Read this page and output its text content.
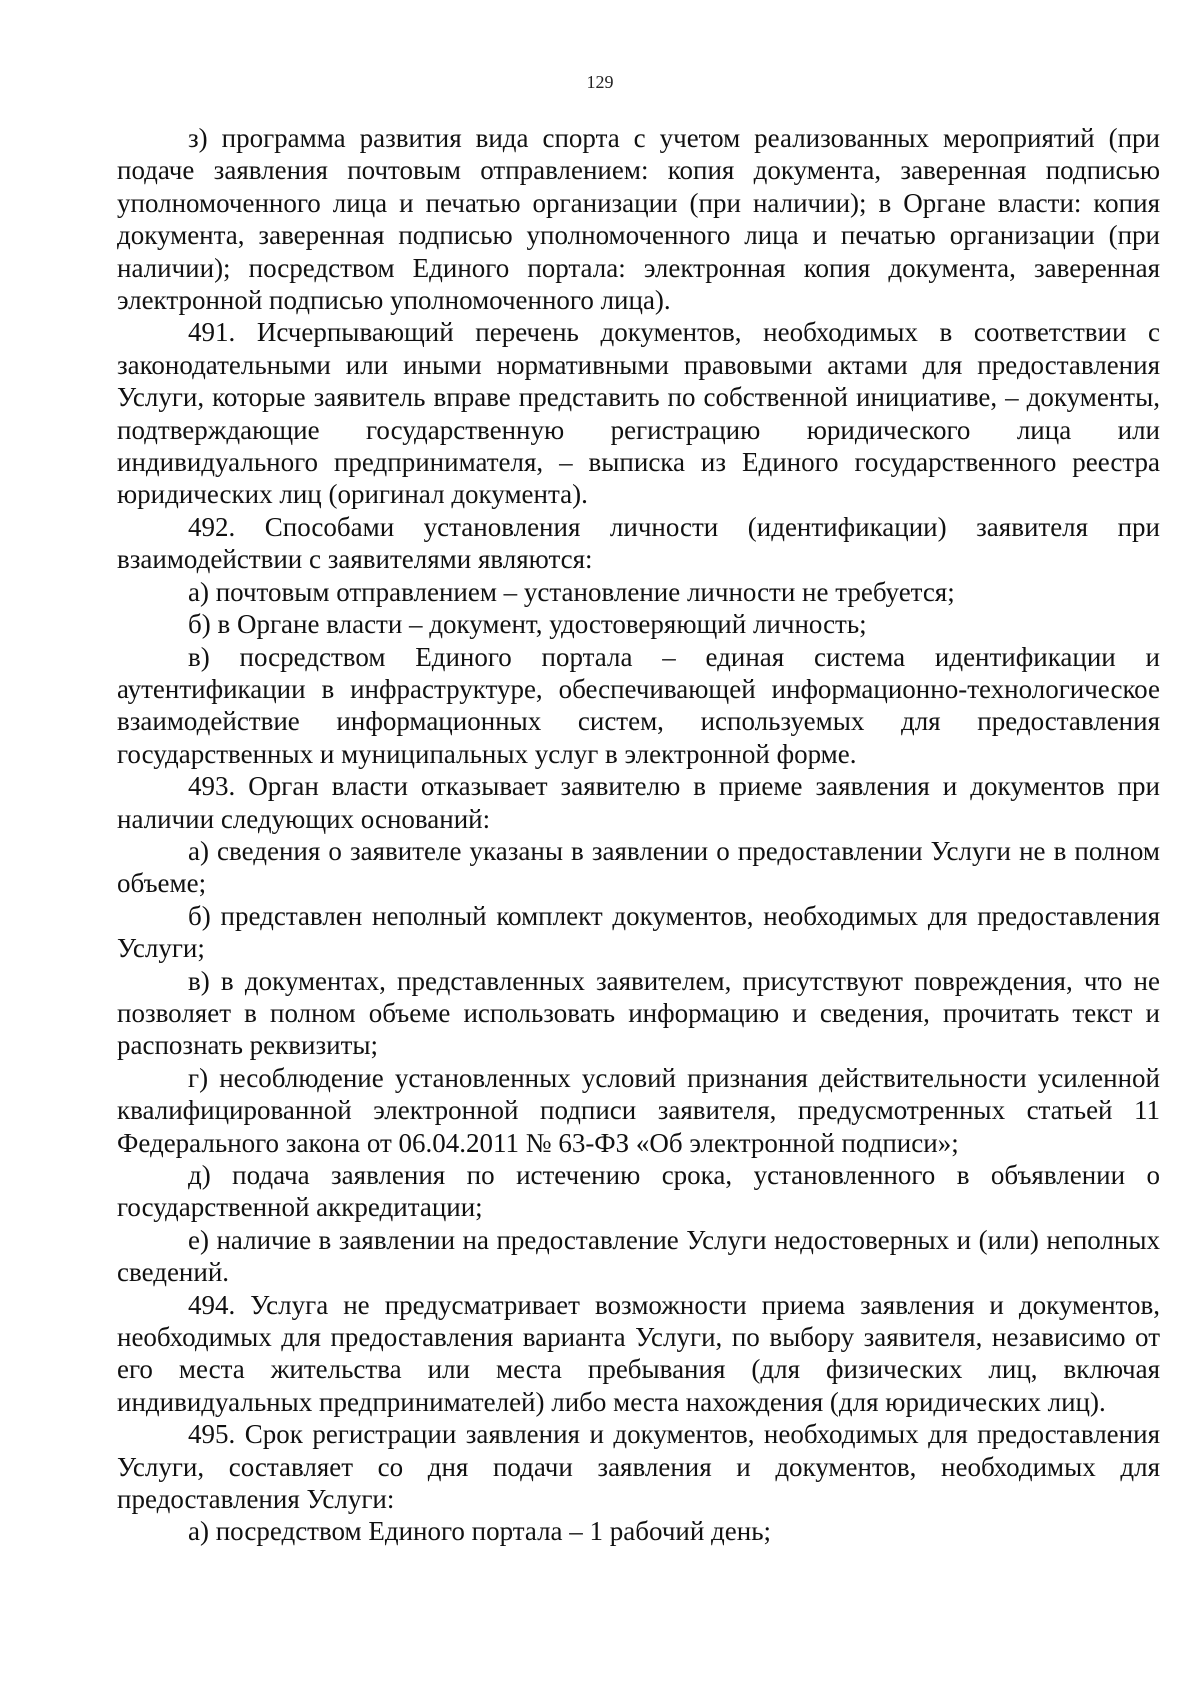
129

з) программа развития вида спорта с учетом реализованных мероприятий (при подаче заявления почтовым отправлением: копия документа, заверенная подписью уполномоченного лица и печатью организации (при наличии); в Органе власти: копия документа, заверенная подписью уполномоченного лица и печатью организации (при наличии); посредством Единого портала: электронная копия документа, заверенная электронной подписью уполномоченного лица).

491. Исчерпывающий перечень документов, необходимых в соответствии с законодательными или иными нормативными правовыми актами для предоставления Услуги, которые заявитель вправе представить по собственной инициативе, – документы, подтверждающие государственную регистрацию юридического лица или индивидуального предпринимателя, – выписка из Единого государственного реестра юридических лиц (оригинал документа).

492. Способами установления личности (идентификации) заявителя при взаимодействии с заявителями являются:

а) почтовым отправлением – установление личности не требуется;

б) в Органе власти – документ, удостоверяющий личность;

в) посредством Единого портала – единая система идентификации и аутентификации в инфраструктуре, обеспечивающей информационно-технологическое взаимодействие информационных систем, используемых для предоставления государственных и муниципальных услуг в электронной форме.

493. Орган власти отказывает заявителю в приеме заявления и документов при наличии следующих оснований:

а) сведения о заявителе указаны в заявлении о предоставлении Услуги не в полном объеме;

б) представлен неполный комплект документов, необходимых для предоставления Услуги;

в) в документах, представленных заявителем, присутствуют повреждения, что не позволяет в полном объеме использовать информацию и сведения, прочитать текст и распознать реквизиты;

г) несоблюдение установленных условий признания действительности усиленной квалифицированной электронной подписи заявителя, предусмотренных статьей 11 Федерального закона от 06.04.2011 № 63-ФЗ «Об электронной подписи»;

д) подача заявления по истечению срока, установленного в объявлении о государственной аккредитации;

е) наличие в заявлении на предоставление Услуги недостоверных и (или) неполных сведений.

494. Услуга не предусматривает возможности приема заявления и документов, необходимых для предоставления варианта Услуги, по выбору заявителя, независимо от его места жительства или места пребывания (для физических лиц, включая индивидуальных предпринимателей) либо места нахождения (для юридических лиц).

495. Срок регистрации заявления и документов, необходимых для предоставления Услуги, составляет со дня подачи заявления и документов, необходимых для предоставления Услуги:

а) посредством Единого портала – 1 рабочий день;
